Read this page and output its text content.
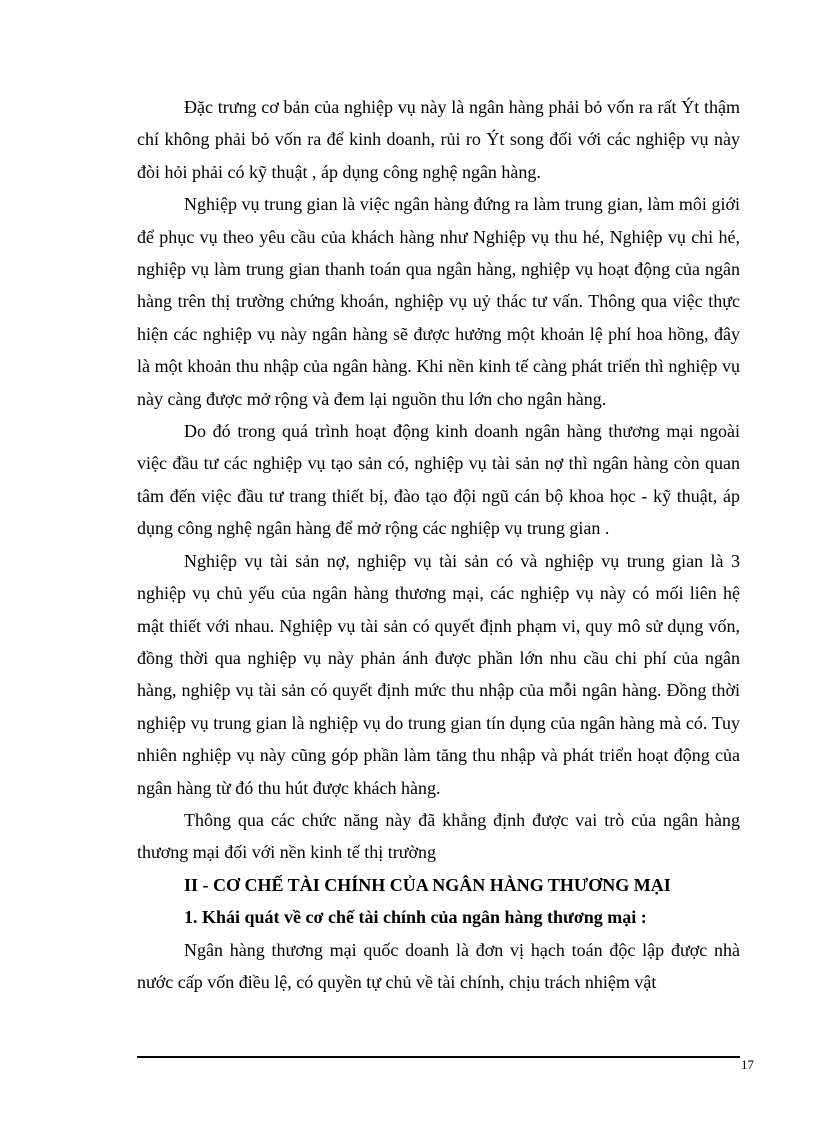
Đặc trưng cơ bản của nghiệp vụ này là ngân hàng phải bỏ vốn ra rất Ýt thậm chí không phải bỏ vốn ra để kinh doanh, rủi ro Ýt song đối với các nghiệp vụ này đòi hỏi phải có kỹ thuật , áp dụng công nghệ ngân hàng.

Nghiệp vụ trung gian là việc ngân hàng đứng ra làm trung gian, làm môi giới để phục vụ theo yêu cầu của khách hàng như Nghiệp vụ thu hé, Nghiệp vụ chi hé, nghiệp vụ làm trung gian thanh toán qua ngân hàng, nghiệp vụ hoạt động của ngân hàng trên thị trường chứng khoán, nghiệp vụ uỷ thác tư vấn. Thông qua việc thực hiện các nghiệp vụ này ngân hàng sẽ được hưởng một khoản lệ phí hoa hồng, đây là một khoản thu nhập của ngân hàng. Khi nền kinh tế càng phát triển thì nghiệp vụ này càng được mở rộng và đem lại nguồn thu lớn cho ngân hàng.

Do đó trong quá trình hoạt động kinh doanh ngân hàng thương mại ngoài việc đầu tư các nghiệp vụ tạo sản có, nghiệp vụ tài sản nợ thì ngân hàng còn quan tâm đến việc đầu tư trang thiết bị, đào tạo đội ngũ cán bộ khoa học - kỹ thuật, áp dụng công nghệ ngân hàng để mở rộng các nghiệp vụ trung gian .

Nghiệp vụ tài sản nợ, nghiệp vụ tài sản có và nghiệp vụ trung gian là 3 nghiệp vụ chủ yếu của ngân hàng thương mại, các nghiệp vụ này có mối liên hệ mật thiết với nhau. Nghiệp vụ tài sản có quyết định phạm vi, quy mô sử dụng vốn, đồng thời qua nghiệp vụ này phản ánh được phần lớn nhu cầu chi phí của ngân hàng, nghiệp vụ tài sản có quyết định mức thu nhập của mỗi ngân hàng. Đồng thời nghiệp vụ trung gian là nghiệp vụ do trung gian tín dụng của ngân hàng mà có. Tuy nhiên nghiệp vụ này cũng góp phần làm tăng thu nhập và phát triển hoạt động của ngân hàng từ đó thu hút được khách hàng.

Thông qua các chức năng này đã khẳng định được vai trò của ngân hàng thương mại đối với nền kinh tế thị trường

II - CƠ CHẾ TÀI CHÍNH CỦA NGÂN HÀNG THƯƠNG MẠI

1. Khái quát về cơ chế tài chính của ngân hàng thương mại :

Ngân hàng thương mại quốc doanh là đơn vị hạch toán độc lập được nhà nước cấp vốn điều lệ, có quyền tự chủ về tài chính, chịu trách nhiệm vật

17
